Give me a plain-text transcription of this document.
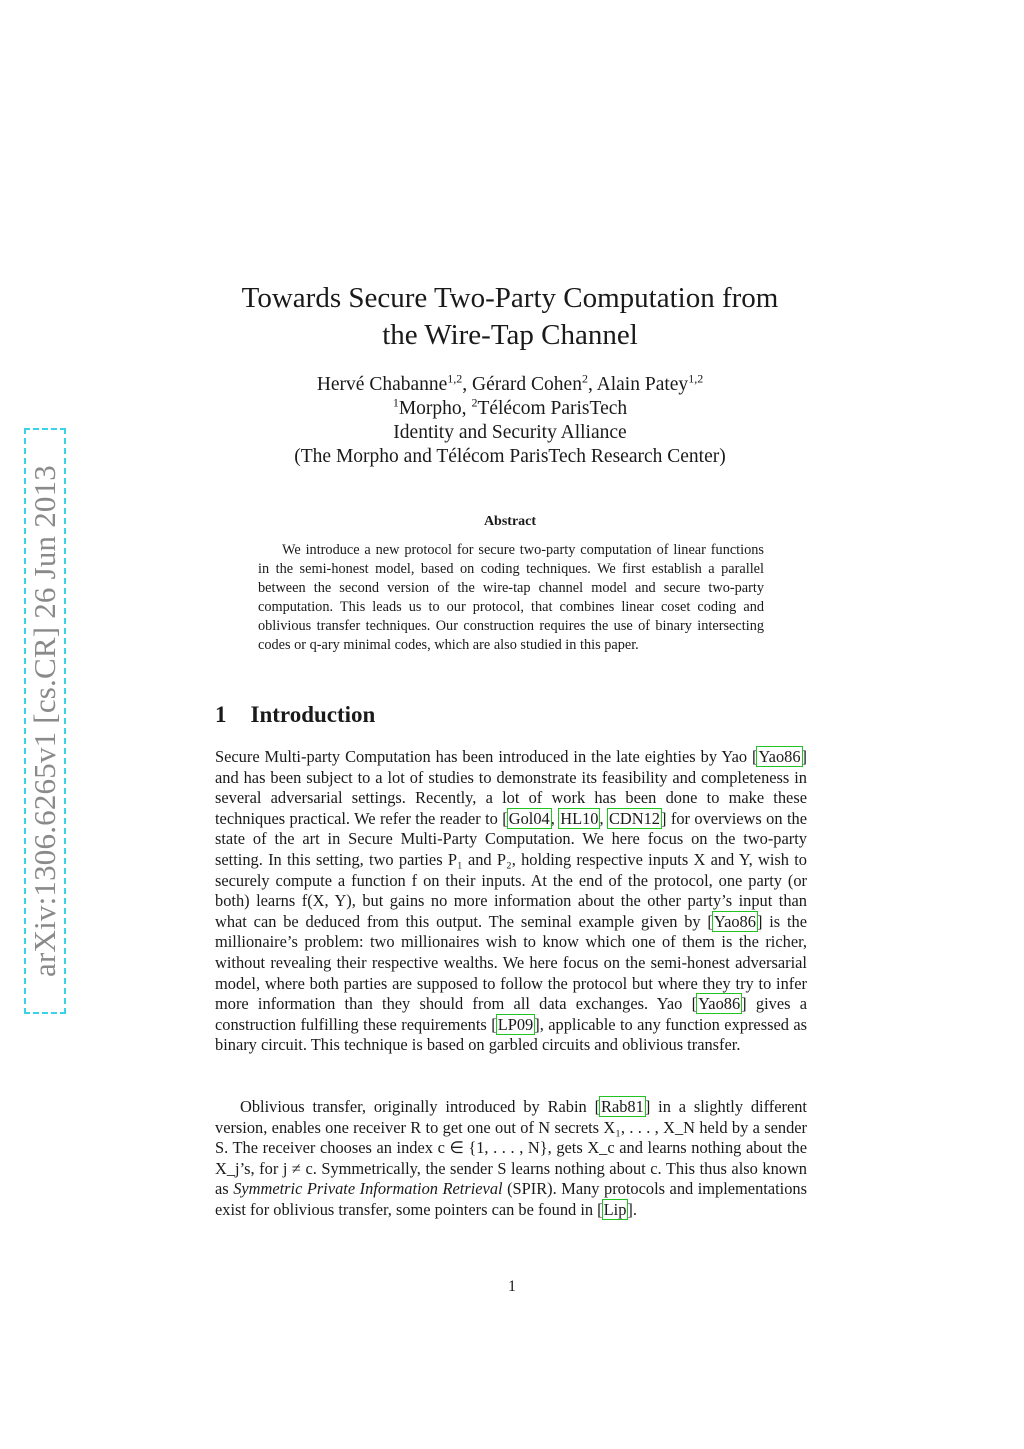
arXiv:1306.6265v1 [cs.CR] 26 Jun 2013
Towards Secure Two-Party Computation from
the Wire-Tap Channel
Hervé Chabanne$^{1,2}$, Gérard Cohen$^2$, Alain Patey$^{1,2}$
$^1$Morpho, $^2$Télécom ParisTech
Identity and Security Alliance
(The Morpho and Télécom ParisTech Research Center)
Abstract

We introduce a new protocol for secure two-party computation of linear functions in the semi-honest model, based on coding techniques. We first establish a parallel between the second version of the wire-tap channel model and secure two-party computation. This leads us to our protocol, that combines linear coset coding and oblivious transfer techniques. Our construction requires the use of binary intersecting codes or q-ary minimal codes, which are also studied in this paper.

1 Introduction

Secure Multi-party Computation has been introduced in the late eighties by Yao [Yao86] and has been subject to a lot of studies to demonstrate its feasibility and completeness in several adversarial settings. Recently, a lot of work has been done to make these techniques practical. We refer the reader to [Gol04, HL10, CDN12] for overviews on the state of the art in Secure Multi-Party Computation. We here focus on the two-party setting. In this setting, two parties P₁ and P₂, holding respective inputs X and Y, wish to securely compute a function f on their inputs. At the end of the protocol, one party (or both) learns f(X, Y), but gains no more information about the other party’s input than what can be deduced from this output. The seminal example given by [Yao86] is the millionaire’s problem: two millionaires wish to know which one of them is the richer, without revealing their respective wealths. We here focus on the semi-honest adversarial model, where both parties are supposed to follow the protocol but where they try to infer more information than they should from all data exchanges. Yao [Yao86] gives a construction fulfilling these requirements [LP09], applicable to any function expressed as binary circuit. This technique is based on garbled circuits and oblivious transfer.

Oblivious transfer, originally introduced by Rabin [Rab81] in a slightly different version, enables one receiver R to get one out of N secrets X₁, . . . , X_N held by a sender S. The receiver chooses an index c ∈ {1, . . . , N}, gets X_c and learns nothing about the X_j’s, for j ≠ c. Symmetrically, the sender S learns nothing about c. This thus also known as Symmetric Private Information Retrieval (SPIR). Many protocols and implementations exist for oblivious transfer, some pointers can be found in [Lip].

1
